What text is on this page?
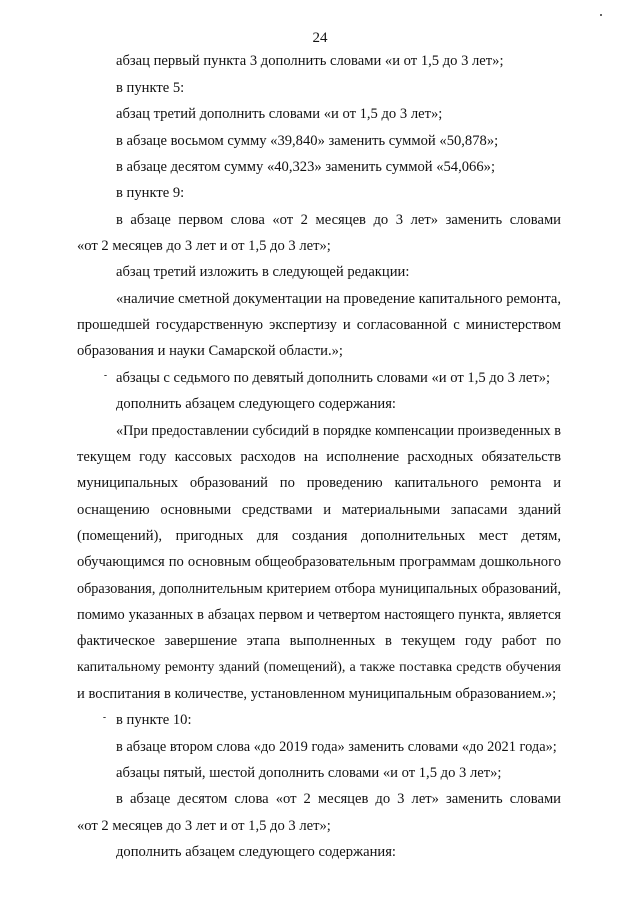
24
абзац первый пункта 3 дополнить словами «и от 1,5 до 3 лет»;
в пункте 5:
абзац третий дополнить словами «и от 1,5 до 3 лет»;
в абзаце восьмом сумму «39,840» заменить суммой «50,878»;
в абзаце десятом сумму «40,323» заменить суммой «54,066»;
в пункте 9:
в абзаце первом слова «от 2 месяцев до 3 лет» заменить словами
«от 2 месяцев до 3 лет и от 1,5 до 3 лет»;
абзац третий изложить в следующей редакции:
«наличие сметной документации на проведение капитального ремонта,
прошедшей государственную экспертизу и согласованной с министерством
образования и науки Самарской области.»;
абзацы с седьмого по девятый дополнить словами «и от 1,5 до 3 лет»;
дополнить абзацем следующего содержания:
«При предоставлении субсидий в порядке компенсации произведенных в
текущем году кассовых расходов на исполнение расходных обязательств
муниципальных образований по проведению капитального ремонта и
оснащению основными средствами и материальными запасами зданий
(помещений), пригодных для создания дополнительных мест детям,
обучающимся по основным общеобразовательным программам дошкольного
образования, дополнительным критерием отбора муниципальных образований,
помимо указанных в абзацах первом и четвертом настоящего пункта, является
фактическое завершение этапа выполненных в текущем году работ по
капитальному ремонту зданий (помещений), а также поставка средств обучения
и воспитания в количестве, установленном муниципальным образованием.»;
в пункте 10:
в абзаце втором слова «до 2019 года» заменить словами «до 2021 года»;
абзацы пятый, шестой дополнить словами «и от 1,5 до 3 лет»;
в абзаце десятом слова «от 2 месяцев до 3 лет» заменить словами
«от 2 месяцев до 3 лет и от 1,5 до 3 лет»;
дополнить абзацем следующего содержания:
